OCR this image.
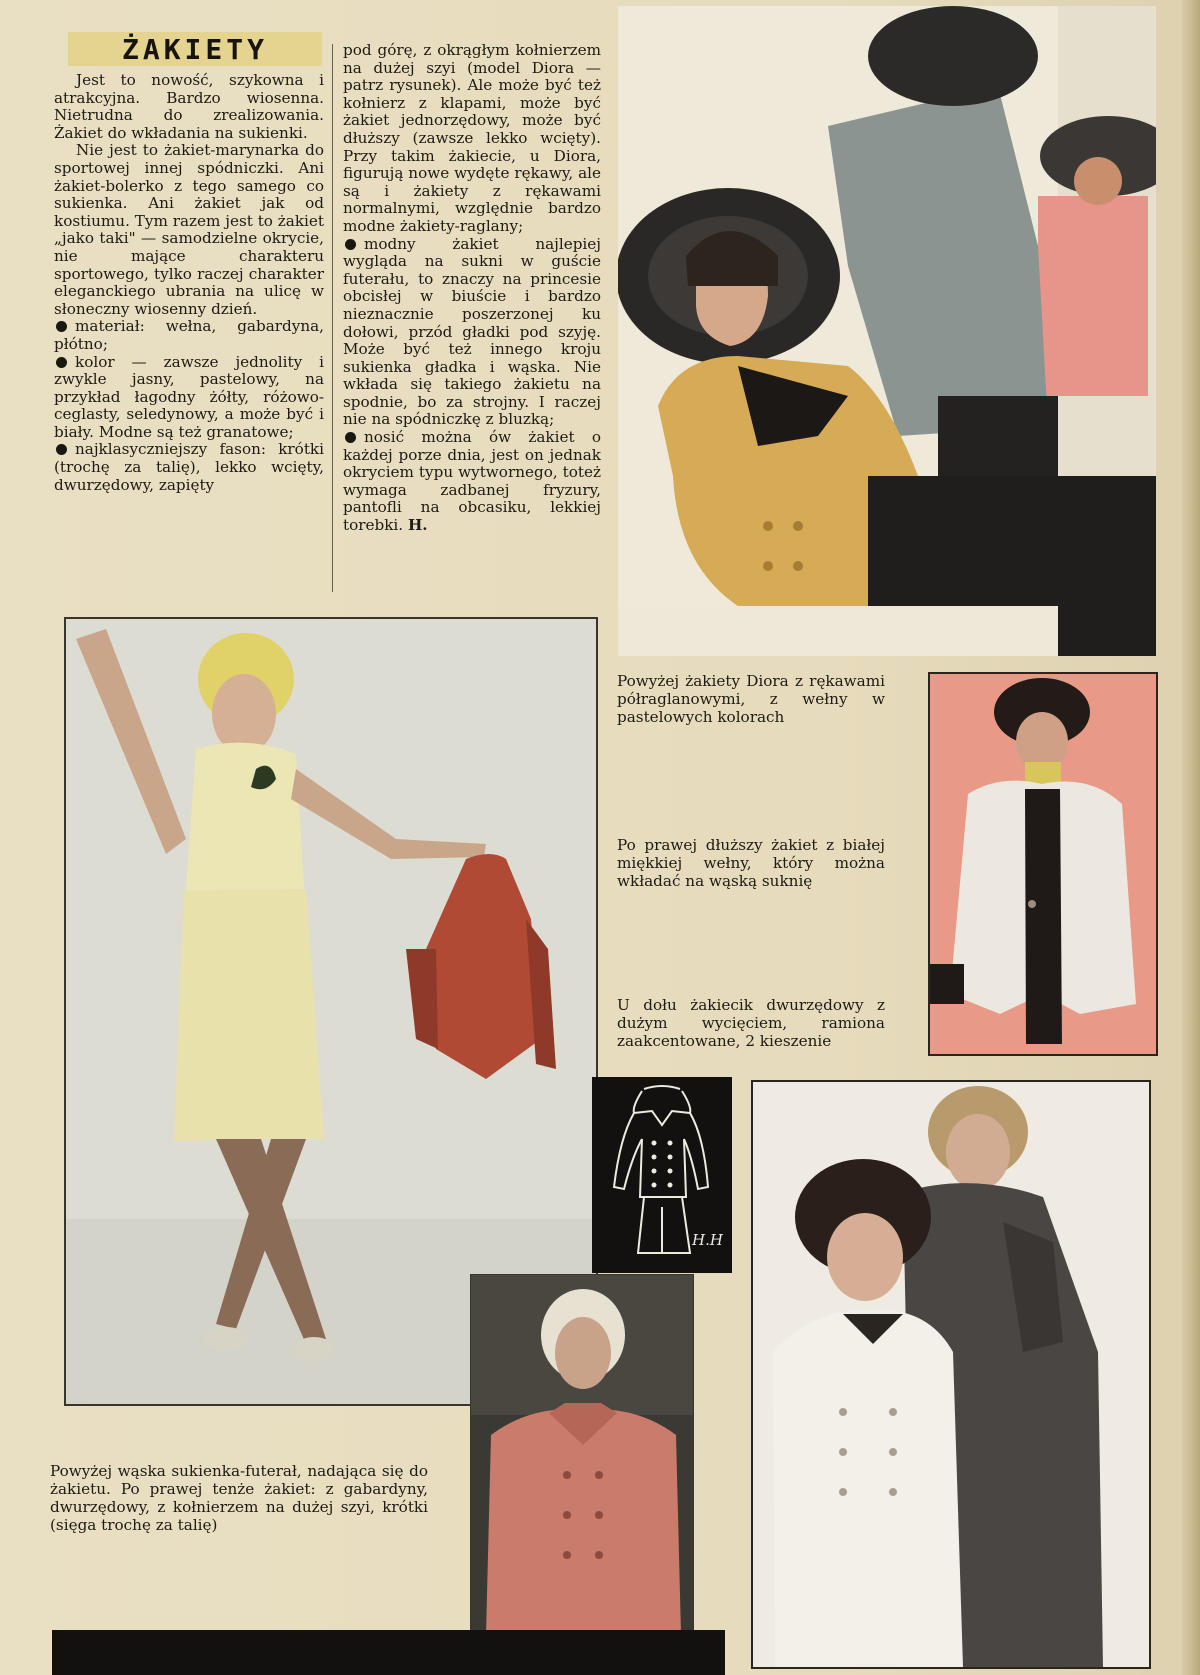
ŻAKIETY

Jest to nowość, szykowna i atrakcyjna. Bardzo wiosenna. Nietrudna do zrealizowania. Żakiet do wkładania na sukienki.

Nie jest to żakiet-marynarka do sportowej innej spódniczki. Ani żakiet-bolerko z tego samego co sukienka. Ani żakiet jak od kostiumu. Tym razem jest to żakiet „jako taki" — samodzielne okrycie, nie mające charakteru sportowego, tylko raczej charakter eleganckiego ubrania na ulicę w słoneczny wiosenny dzień.

materiał: wełna, gabardyna, płótno;

kolor — zawsze jednolity i zwykle jasny, pastelowy, na przykład łagodny żółty, różowo-ceglasty, seledynowy, a może być i biały. Modne są też granatowe;

najklasyczniejszy fason: krótki (trochę za talię), lekko wcięty, dwurzędowy, zapięty

pod górę, z okrągłym kołnierzem na dużej szyi (model Diora — patrz rysunek). Ale może być też kołnierz z klapami, może być żakiet jednorzędowy, może być dłuższy (zawsze lekko wcięty). Przy takim żakiecie, u Diora, figurują nowe wydęte rękawy, ale są i żakiety z rękawami normalnymi, względnie bardzo modne żakiety-raglany;

modny żakiet najlepiej wygląda na sukni w guście futerału, to znaczy na princesie obcisłej w biuście i bardzo nieznacznie poszerzonej ku dołowi, przód gładki pod szyję. Może być też innego kroju sukienka gładka i wąska. Nie wkłada się takiego żakietu na spodnie, bo za strojny. I raczej nie na spódniczkę z bluzką;

nosić można ów żakiet o każdej porze dnia, jest on jednak okryciem typu wytwornego, toteż wymaga zadbanej fryzury, pantofli na obcasiku, lekkiej torebki. H.

Powyżej żakiety Diora z rękawami półraglanowymi, z wełny w pastelowych kolorach
Po prawej dłuższy żakiet z białej miękkiej wełny, który można wkładać na wąską suknię
U dołu żakiecik dwurzędowy z dużym wycięciem, ramiona zaakcentowane, 2 kieszenie
H.H
Powyżej wąska sukienka-futerał, nadająca się do żakietu. Po prawej tenże żakiet: z gabardyny, dwurzędowy, z kołnierzem na dużej szyi, krótki (sięga trochę za talię)
